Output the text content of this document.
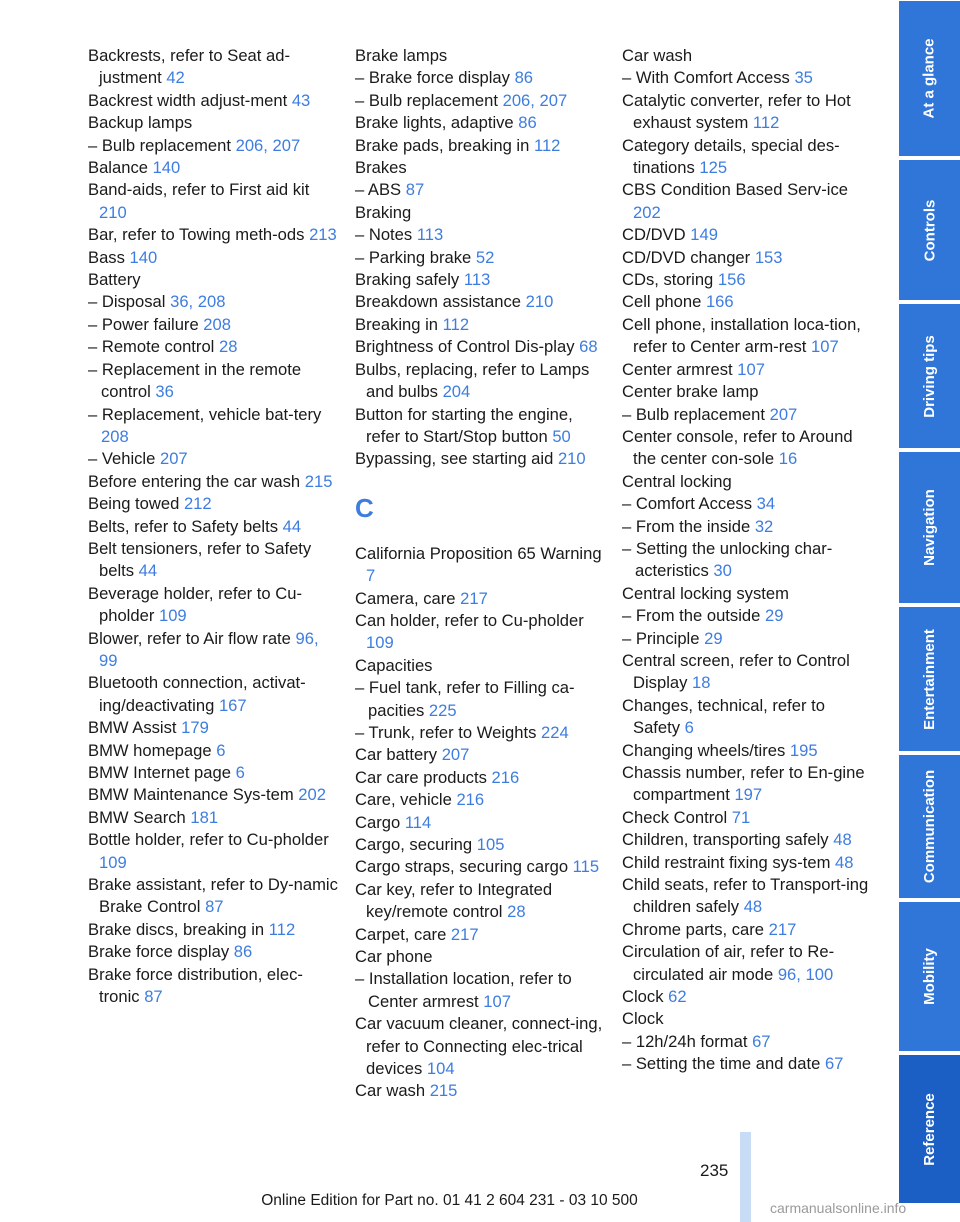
Backrests, refer to Seat ad-justment 42

Backrest width adjust-ment 43

Backup lamps

– Bulb replacement 206, 207

Balance 140

Band-aids, refer to First aid kit 210

Bar, refer to Towing meth-ods 213

Bass 140

Battery

– Disposal 36, 208

– Power failure 208

– Remote control 28

– Replacement in the remote control 36

– Replacement, vehicle bat-tery 208

– Vehicle 207

Before entering the car wash 215

Being towed 212

Belts, refer to Safety belts 44

Belt tensioners, refer to Safety belts 44

Beverage holder, refer to Cu-pholder 109

Blower, refer to Air flow rate 96, 99

Bluetooth connection, activat-ing/deactivating 167

BMW Assist 179

BMW homepage 6

BMW Internet page 6

BMW Maintenance Sys-tem 202

BMW Search 181

Bottle holder, refer to Cu-pholder 109

Brake assistant, refer to Dy-namic Brake Control 87

Brake discs, breaking in 112

Brake force display 86

Brake force distribution, elec-tronic 87

Brake lamps

– Brake force display 86

– Bulb replacement 206, 207

Brake lights, adaptive 86

Brake pads, breaking in 112

Brakes

– ABS 87

Braking

– Notes 113

– Parking brake 52

Braking safely 113

Breakdown assistance 210

Breaking in 112

Brightness of Control Dis-play 68

Bulbs, replacing, refer to Lamps and bulbs 204

Button for starting the engine, refer to Start/Stop button 50

Bypassing, see starting aid 210

C

California Proposition 65 Warning 7

Camera, care 217

Can holder, refer to Cu-pholder 109

Capacities

– Fuel tank, refer to Filling ca-pacities 225

– Trunk, refer to Weights 224

Car battery 207

Car care products 216

Care, vehicle 216

Cargo 114

Cargo, securing 105

Cargo straps, securing cargo 115

Car key, refer to Integrated key/remote control 28

Carpet, care 217

Car phone

– Installation location, refer to Center armrest 107

Car vacuum cleaner, connect-ing, refer to Connecting elec-trical devices 104

Car wash 215

Car wash

– With Comfort Access 35

Catalytic converter, refer to Hot exhaust system 112

Category details, special des-tinations 125

CBS Condition Based Serv-ice 202

CD/DVD 149

CD/DVD changer 153

CDs, storing 156

Cell phone 166

Cell phone, installation loca-tion, refer to Center arm-rest 107

Center armrest 107

Center brake lamp

– Bulb replacement 207

Center console, refer to Around the center con-sole 16

Central locking

– Comfort Access 34

– From the inside 32

– Setting the unlocking char-acteristics 30

Central locking system

– From the outside 29

– Principle 29

Central screen, refer to Control Display 18

Changes, technical, refer to Safety 6

Changing wheels/tires 195

Chassis number, refer to En-gine compartment 197

Check Control 71

Children, transporting safely 48

Child restraint fixing sys-tem 48

Child seats, refer to Transport-ing children safely 48

Chrome parts, care 217

Circulation of air, refer to Re-circulated air mode 96, 100

Clock 62

Clock

– 12h/24h format 67

– Setting the time and date 67

At a glance
Controls
Driving tips
Navigation
Entertainment
Communication
Mobility
Reference
235
Online Edition for Part no. 01 41 2 604 231 - 03 10 500	carmanualsonline.info
